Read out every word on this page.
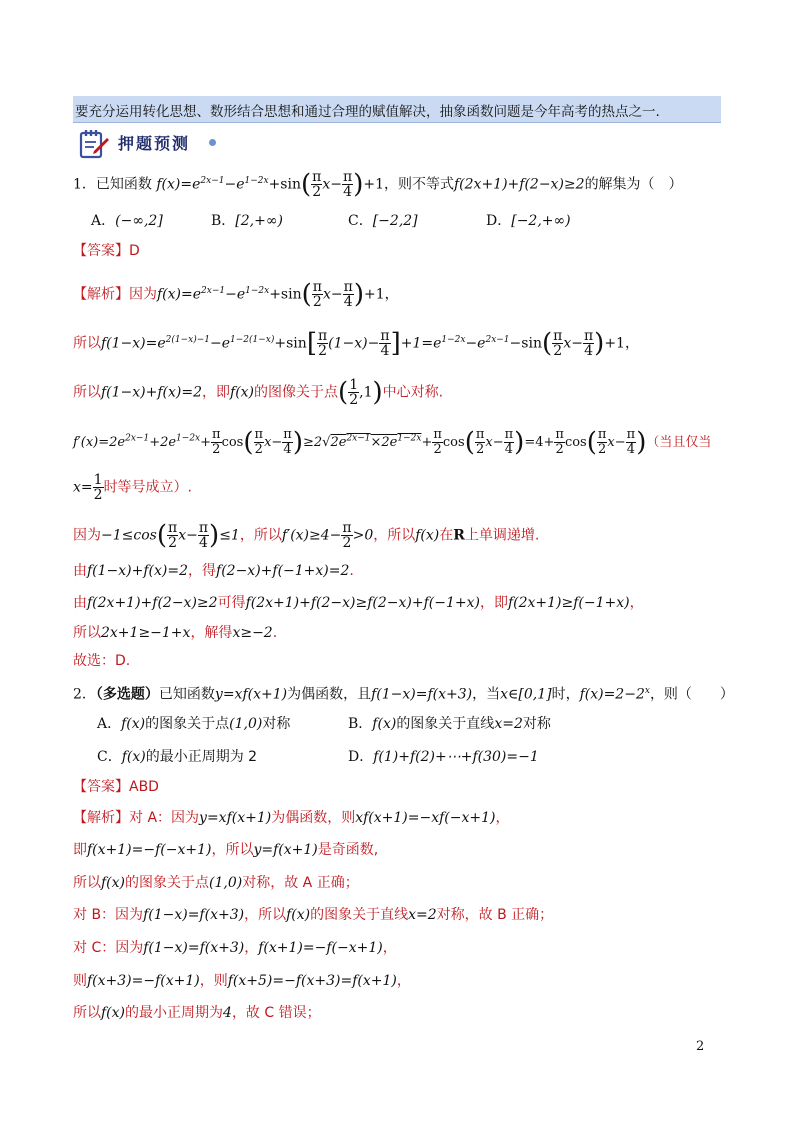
要充分运用转化思想、数形结合思想和通过合理的赋值解决，抽象函数问题是今年高考的热点之一.
押题预测
1．已知函数 $f(x)=e^{2x-1}-e^{1-2x}+\sin( \frac{\pi}{2} x- \frac{\pi}{4} )+1$，则不等式f(2x+1)+f(2−x)≥2的解集为（　）
A．(−∞,2]	B．[2,+∞)	C．[−2,2]	D．[−2,+∞)
【答案】D
【解析】因为$f(x)=e^{2x-1}-e^{1-2x}+\sin( \frac{\pi}{2} x- \frac{\pi}{4} )+1$，
所以$f(1-x)=e^{2(1-x)-1}-e^{1-2(1-x)}+\sin[ \frac{\pi}{2} (1-x)- \frac{\pi}{4} ]+1=e^{1-2x}-e^{2x-1}-\sin( \frac{\pi}{2} x- \frac{\pi}{4} )+1$，
所以f(1−x)+f(x)=2，即f(x)的图像关于点( $\frac{1}{2} ,1$)中心对称.
$f'(x)=2e^{2x-1}+2e^{1-2x}+ \frac{\pi}{2} \cos( \frac{\pi}{2} x- \frac{\pi}{4} )\ge 2√2e^{2x-1}\times 2e^{1-2x}+ \frac{\pi}{2} \cos( \frac{\pi}{2} x- \frac{\pi}{4} )=4+ \frac{\pi}{2} \cos( \frac{\pi}{2} x- \frac{\pi}{4}$ )（当且仅当
$x= \frac{1}{2}$ 时等号成立）.
因为$-1\le\cos( \frac{\pi}{2} x- \frac{\pi}{4} )\le 1$，所以$f'(x)\ge 4- \frac{\pi}{2} >0$，所以f(x)在R上单调递增.
由f(1−x)+f(x)=2，得f(2−x)+f(−1+x)=2.
由f(2x+1)+f(2−x)≥2可得f(2x+1)+f(2−x)≥f(2−x)+f(−1+x)，即f(2x+1)≥f(−1+x)，
所以2x+1≥−1+x，解得x≥−2.
故选：D.
2．（多选题）已知函数y=xf(x+1)为偶函数，且f(1−x)=f(x+3)，当x∈[0,1]时，$f(x)=2-2^x$，则（　　）
A．f(x)的图象关于点(1,0)对称	B．f(x)的图象关于直线x=2对称
C．f(x)的最小正周期为 2	D．f(1)+f(2)+⋯+f(30)=−1
【答案】ABD
【解析】对 A：因为y=xf(x+1)为偶函数，则xf(x+1)=−xf(−x+1)，
即f(x+1)=−f(−x+1)，所以y=f(x+1)是奇函数,
所以f(x)的图象关于点(1,0)对称，故 A 正确；
对 B：因为f(1−x)=f(x+3)，所以f(x)的图象关于直线x=2对称，故 B 正确；
对 C：因为f(1−x)=f(x+3)，f(x+1)=−f(−x+1)，
则f(x+3)=−f(x+1)，则f(x+5)=−f(x+3)=f(x+1)，
所以f(x)的最小正周期为4，故 C 错误；
2
